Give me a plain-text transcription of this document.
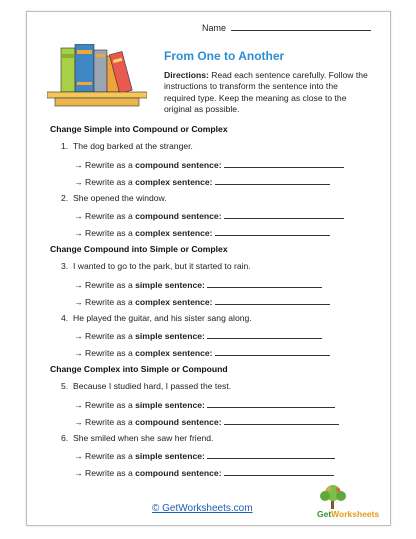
Name
From One to Another
Directions: Read each sentence carefully. Follow the instructions to transform the sentence into the required type. Keep the meaning as close to the original as possible.
Change Simple into Compound or Complex
1. The dog barked at the stranger.
→ Rewrite as a compound sentence:
→ Rewrite as a complex sentence:
2. She opened the window.
→ Rewrite as a compound sentence:
→ Rewrite as a complex sentence:
Change Compound into Simple or Complex
3. I wanted to go to the park, but it started to rain.
→ Rewrite as a simple sentence:
→ Rewrite as a complex sentence:
4. He played the guitar, and his sister sang along.
→ Rewrite as a simple sentence:
→ Rewrite as a complex sentence:
Change Complex into Simple or Compound
5. Because I studied hard, I passed the test.
→ Rewrite as a simple sentence:
→ Rewrite as a compound sentence:
6. She smiled when she saw her friend.
→ Rewrite as a simple sentence:
→ Rewrite as a compound sentence:
© GetWorksheets.com	GetWorksheets
